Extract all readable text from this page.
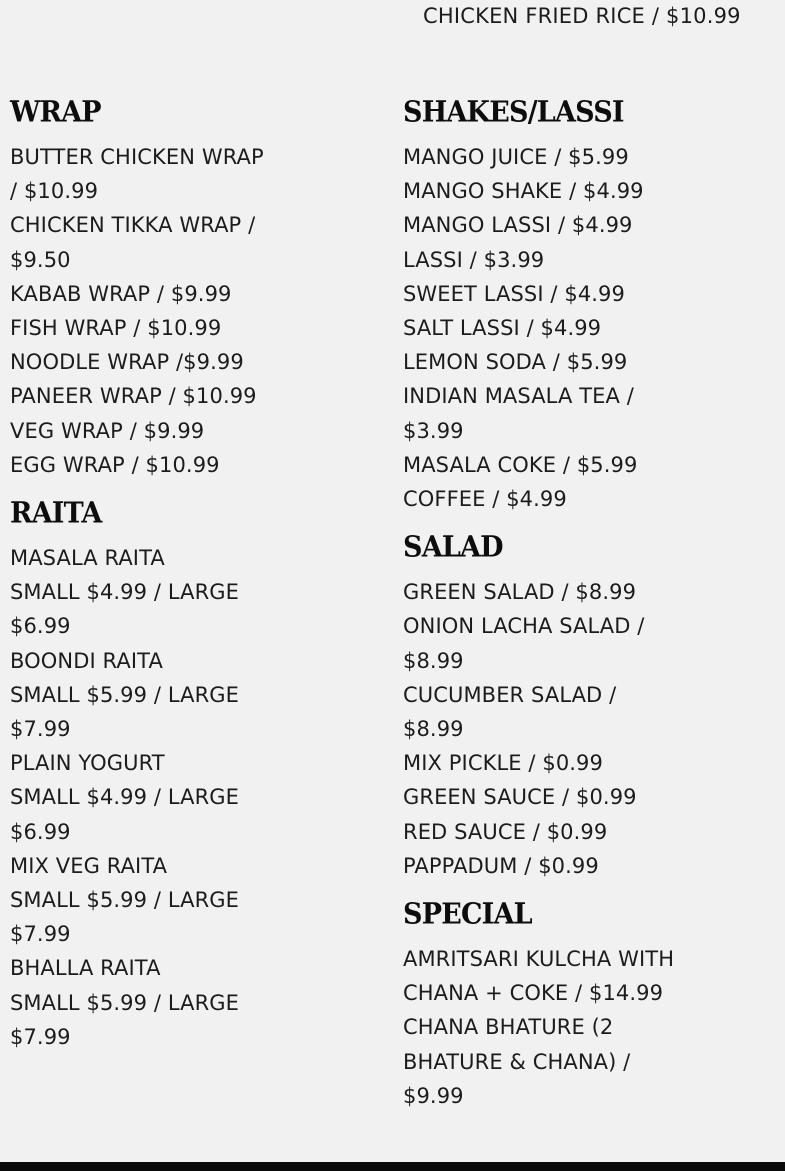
CHICKEN FRIED RICE / $10.99
WRAP
BUTTER CHICKEN WRAP
/ $10.99
CHICKEN TIKKA WRAP /
$9.50
KABAB WRAP / $9.99
FISH WRAP / $10.99
NOODLE WRAP /$9.99
PANEER WRAP / $10.99
VEG WRAP / $9.99
EGG WRAP / $10.99
RAITA
MASALA RAITA
SMALL $4.99 / LARGE
$6.99
BOONDI RAITA
SMALL $5.99 / LARGE
$7.99
PLAIN YOGURT
SMALL $4.99 / LARGE
$6.99
MIX VEG RAITA
SMALL $5.99 / LARGE
$7.99
BHALLA RAITA
SMALL $5.99 / LARGE
$7.99
SHAKES/LASSI
MANGO JUICE / $5.99
MANGO SHAKE / $4.99
MANGO LASSI / $4.99
LASSI / $3.99
SWEET LASSI / $4.99
SALT LASSI / $4.99
LEMON SODA / $5.99
INDIAN MASALA TEA /
$3.99
MASALA COKE / $5.99
COFFEE / $4.99
SALAD
GREEN SALAD / $8.99
ONION LACHA SALAD /
$8.99
CUCUMBER SALAD /
$8.99
MIX PICKLE / $0.99
GREEN SAUCE / $0.99
RED SAUCE / $0.99
PAPPADUM / $0.99
SPECIAL
AMRITSARI KULCHA WITH
CHANA + COKE / $14.99
CHANA BHATURE (2
BHATURE & CHANA) /
$9.99
